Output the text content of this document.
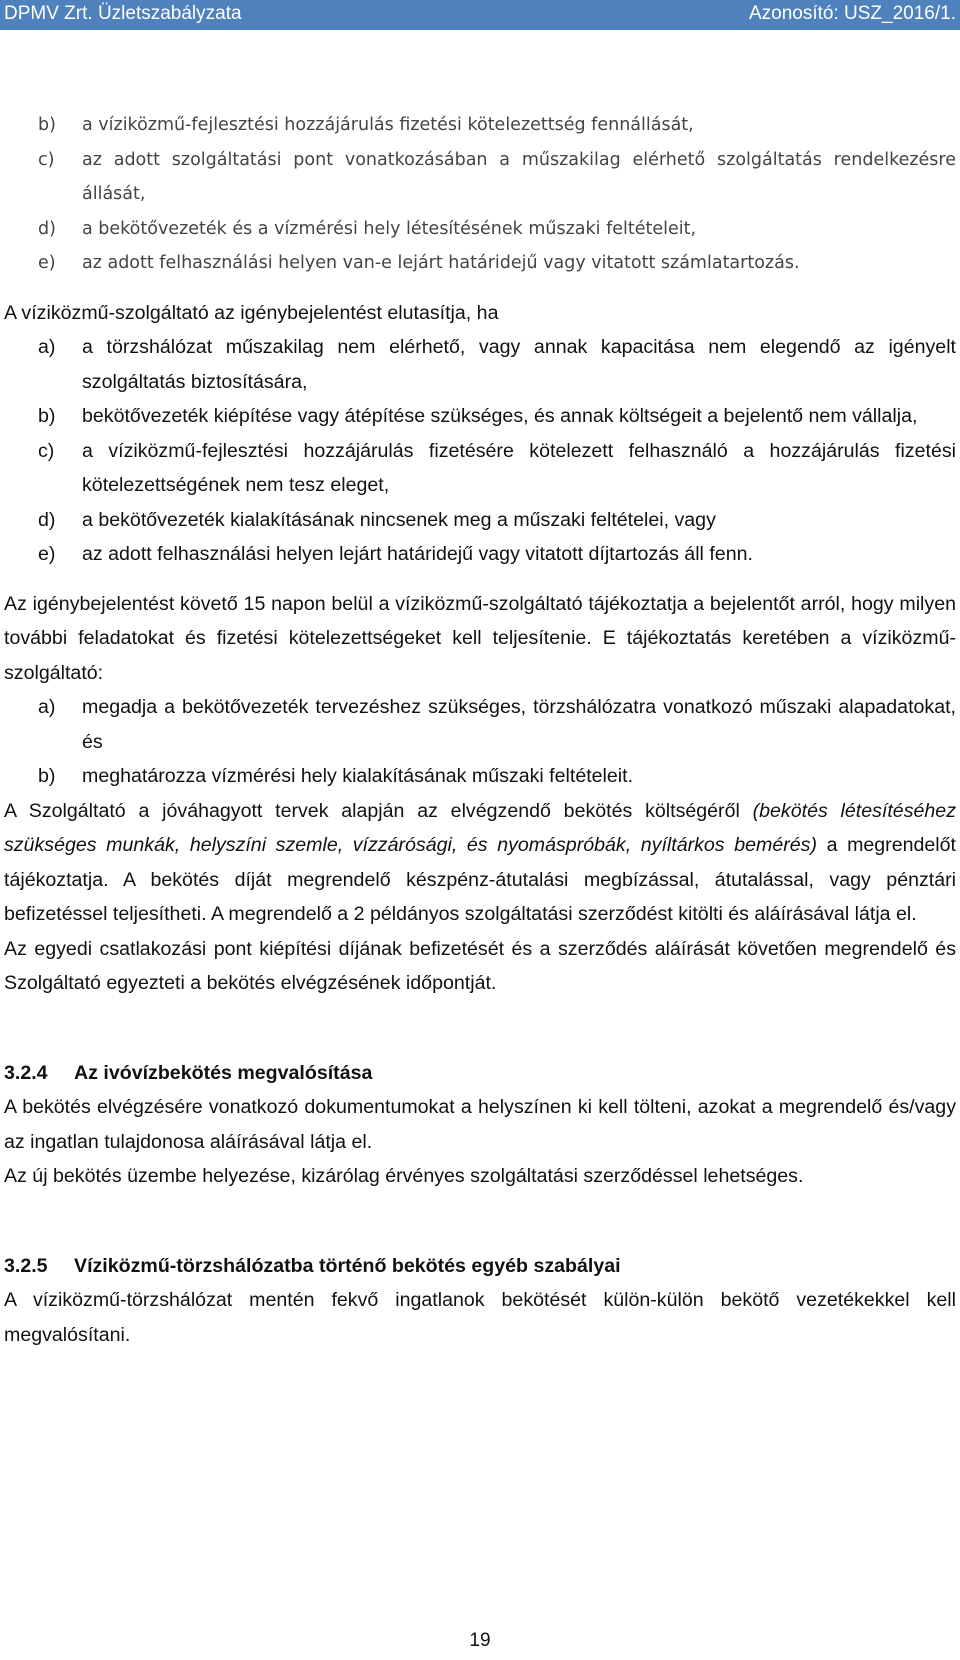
DPMV Zrt. Üzletszabályzata	Azonosító: USZ_2016/1.
b)	a víziközmű-fejlesztési hozzájárulás fizetési kötelezettség fennállását,
c)	az adott szolgáltatási pont vonatkozásában a műszakilag elérhető szolgáltatás rendelkezésre állását,
d)	a bekötővezeték és a vízmérési hely létesítésének műszaki feltételeit,
e)	az adott felhasználási helyen van-e lejárt határidejű vagy vitatott számlatartozás.
A víziközmű-szolgáltató az igénybejelentést elutasítja, ha
a)	a törzshálózat műszakilag nem elérhető, vagy annak kapacitása nem elegendő az igényelt szolgáltatás biztosítására,
b)	bekötővezeték kiépítése vagy átépítése szükséges, és annak költségeit a bejelentő nem vállalja,
c)	a víziközmű-fejlesztési hozzájárulás fizetésére kötelezett felhasználó a hozzájárulás fizetési kötelezettségének nem tesz eleget,
d)	a bekötővezeték kialakításának nincsenek meg a műszaki feltételei, vagy
e)	az adott felhasználási helyen lejárt határidejű vagy vitatott díjtartozás áll fenn.
Az igénybejelentést követő 15 napon belül a víziközmű-szolgáltató tájékoztatja a bejelentőt arról, hogy milyen további feladatokat és fizetési kötelezettségeket kell teljesítenie. E tájékoztatás keretében a víziközmű-szolgáltató:
a)	megadja a bekötővezeték tervezéshez szükséges, törzshálózatra vonatkozó műszaki alapadatokat, és
b)	meghatározza vízmérési hely kialakításának műszaki feltételeit.
A Szolgáltató a jóváhagyott tervek alapján az elvégzendő bekötés költségéről (bekötés létesítéséhez szükséges munkák, helyszíni szemle, vízzárósági, és nyomáspróbák, nyíltárkos bemérés) a megrendelőt tájékoztatja. A bekötés díját megrendelő készpénz-átutalási megbízással, átutalással, vagy pénztári befizetéssel teljesítheti. A megrendelő a 2 példányos szolgáltatási szerződést kitölti és aláírásával látja el.
Az egyedi csatlakozási pont kiépítési díjának befizetését és a szerződés aláírását követően megrendelő és Szolgáltató egyezteti a bekötés elvégzésének időpontját.
3.2.4	Az ivóvízbekötés megvalósítása
A bekötés elvégzésére vonatkozó dokumentumokat a helyszínen ki kell tölteni, azokat a megrendelő és/vagy az ingatlan tulajdonosa aláírásával látja el.
Az új bekötés üzembe helyezése, kizárólag érvényes szolgáltatási szerződéssel lehetséges.
3.2.5	Víziközmű-törzshálózatba történő bekötés egyéb szabályai
A víziközmű-törzshálózat mentén fekvő ingatlanok bekötését külön-külön bekötő vezetékekkel kell megvalósítani.
19
